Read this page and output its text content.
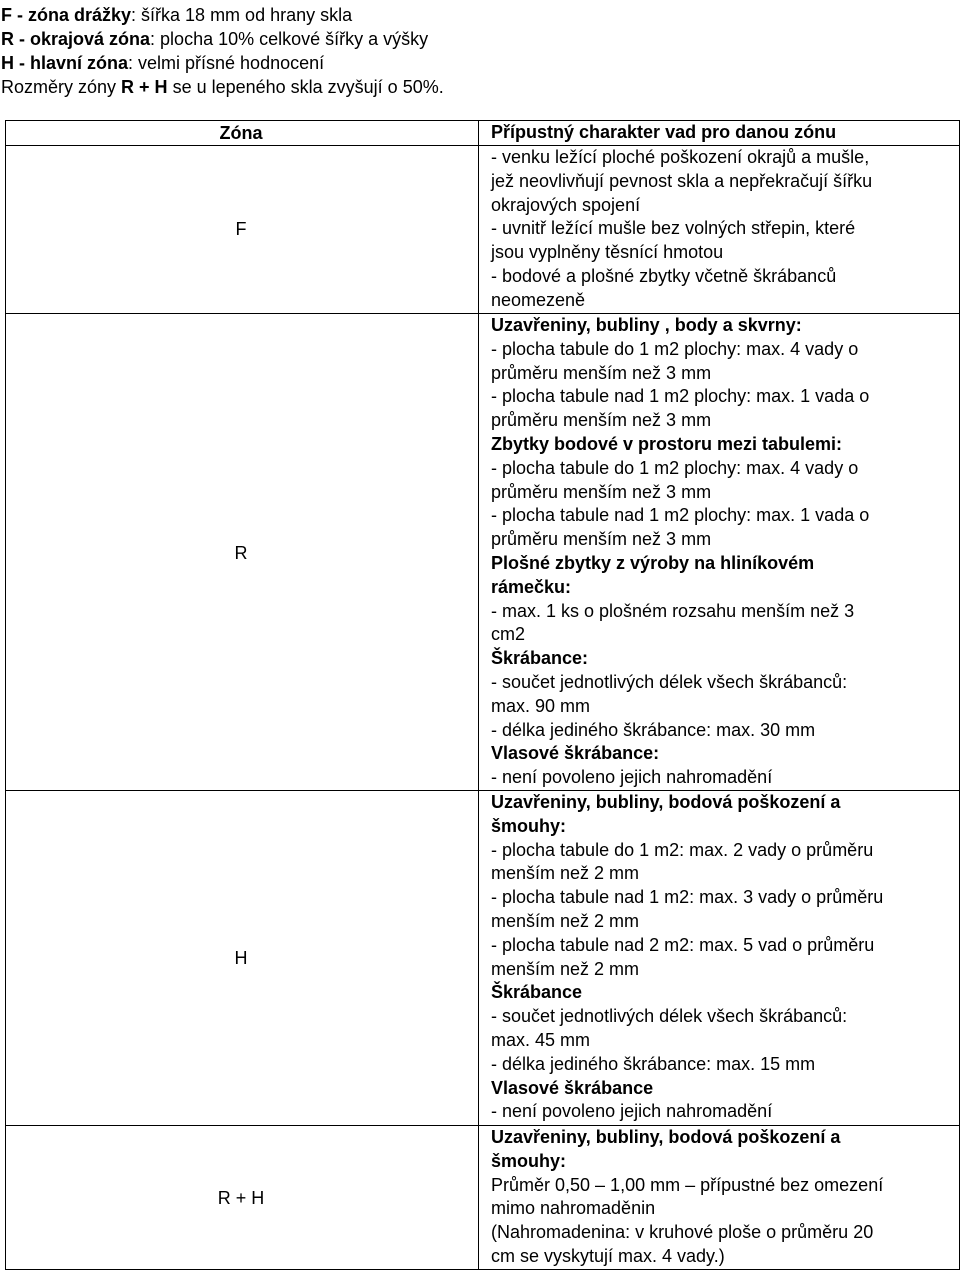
F - zóna drážky: šířka 18 mm od hrany skla
R - okrajová zóna: plocha 10% celkové šířky a výšky
H - hlavní zóna: velmi přísné hodnocení
Rozměry zóny R + H se u lepeného skla zvyšují o 50%.
Zóna	Přípustný charakter vad pro danou zónu
F
R
H
R + H
- venku ležící ploché poškození okrajů a mušle,
jež neovlivňují pevnost skla a nepřekračují šířku
okrajových spojení
- uvnitř ležící mušle bez volných střepin, které
jsou vyplněny těsnící hmotou
- bodové a plošné zbytky včetně škrábanců
neomezeně
Uzavřeniny, bubliny , body a skvrny:
- plocha tabule do 1 m2 plochy: max. 4 vady o
průměru menším než 3 mm
- plocha tabule nad 1 m2 plochy: max. 1 vada o
průměru menším než 3 mm
Zbytky bodové v prostoru mezi tabulemi:
- plocha tabule do 1 m2 plochy: max. 4 vady o
průměru menším než 3 mm
- plocha tabule nad 1 m2 plochy: max. 1 vada o
průměru menším než 3 mm
Plošné zbytky z výroby na hliníkovém
rámečku:
- max. 1 ks o plošném rozsahu menším než 3
cm2
Škrábance:
- součet jednotlivých délek všech škrábanců:
max. 90 mm
- délka jediného škrábance: max. 30 mm
Vlasové škrábance:
- není povoleno jejich nahromadění
Uzavřeniny, bubliny, bodová poškození a
šmouhy:
- plocha tabule do 1 m2: max. 2 vady o průměru
menším než 2 mm
- plocha tabule nad 1 m2: max. 3 vady o průměru
menším než 2 mm
- plocha tabule nad 2 m2: max. 5 vad o průměru
menším než 2 mm
Škrábance
- součet jednotlivých délek všech škrábanců:
max. 45 mm
- délka jediného škrábance: max. 15 mm
Vlasové škrábance
- není povoleno jejich nahromadění
Uzavřeniny, bubliny, bodová poškození a
šmouhy:
Průměr 0,50 – 1,00 mm – přípustné bez omezení
mimo nahromaděnin
(Nahromadenina: v kruhové ploše o průměru 20
cm se vyskytují max. 4 vady.)
